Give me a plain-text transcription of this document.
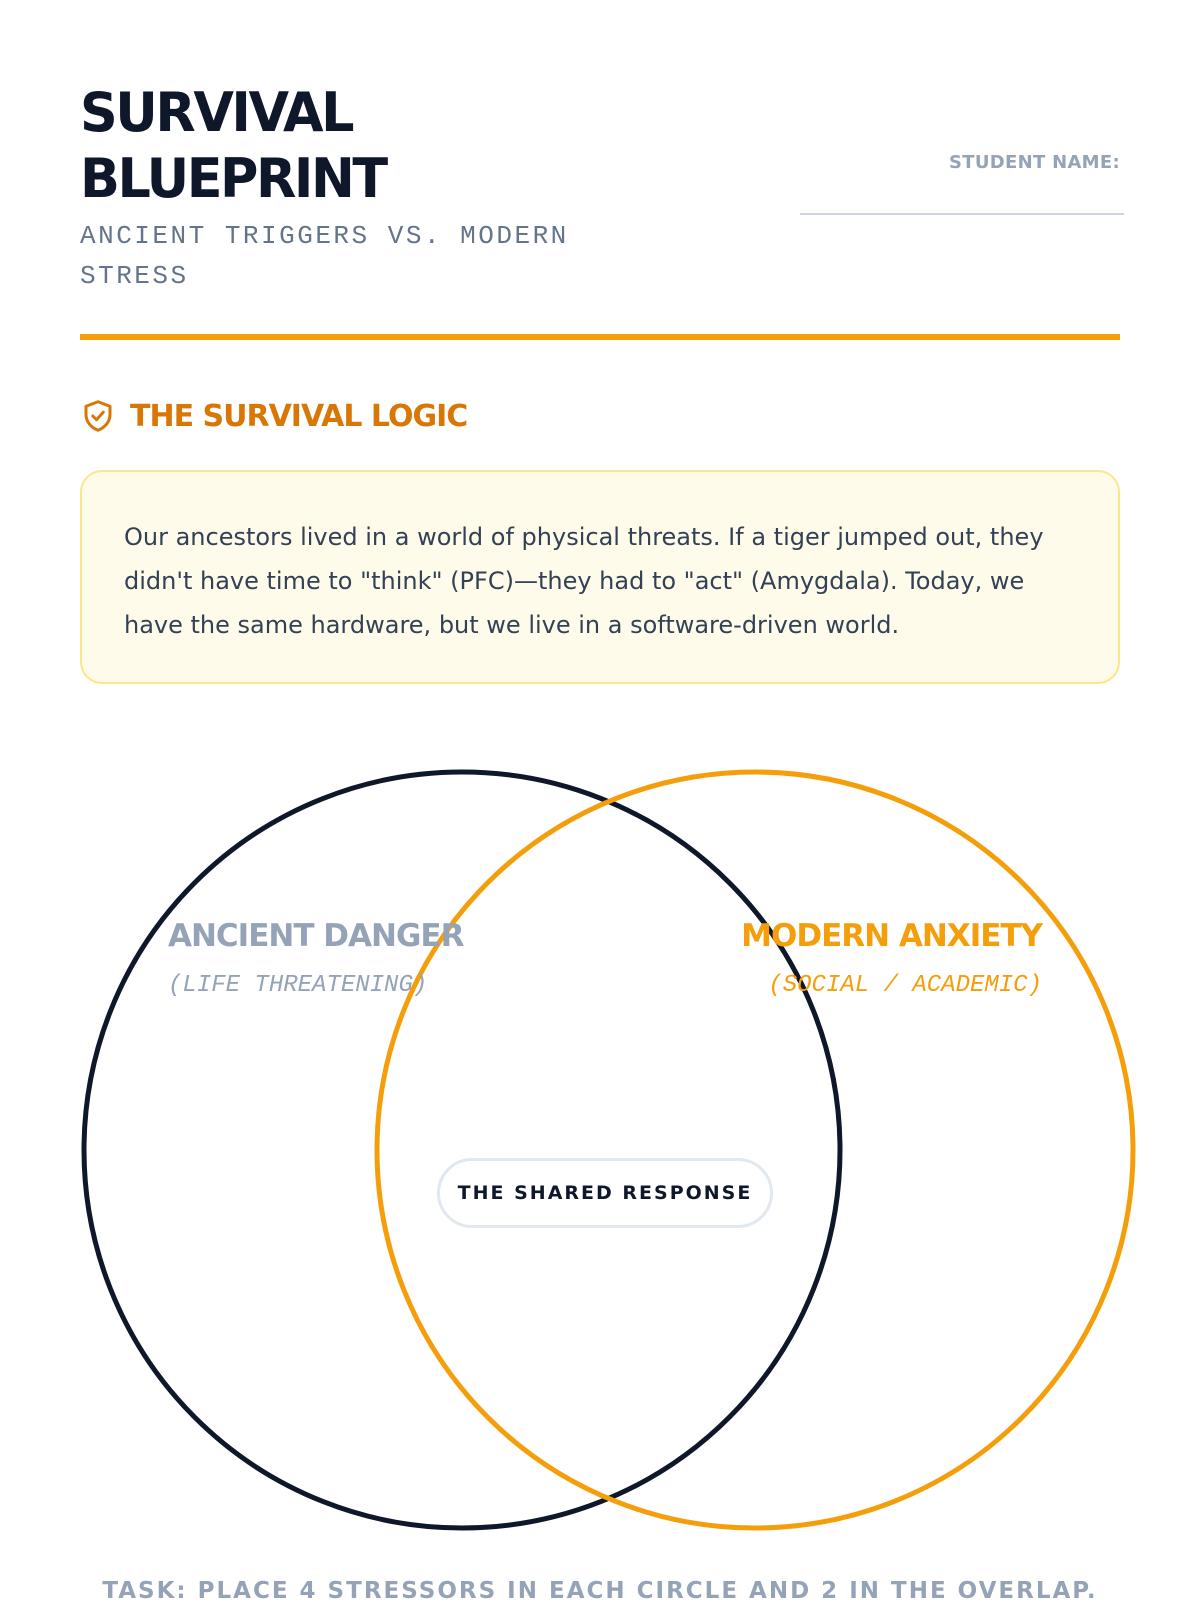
SURVIVAL BLUEPRINT
ANCIENT TRIGGERS VS. MODERN STRESS
STUDENT NAME:
THE SURVIVAL LOGIC

Our ancestors lived in a world of physical threats. If a tiger jumped out, they didn't have time to "think" (PFC)—they had to "act" (Amygdala). Today, we have the same hardware, but we live in a software-driven world.

ANCIENT DANGER
(LIFE THREATENING)
MODERN ANXIETY
(SOCIAL / ACADEMIC)
THE SHARED RESPONSE
TASK: PLACE 4 STRESSORS IN EACH CIRCLE AND 2 IN THE OVERLAP.
